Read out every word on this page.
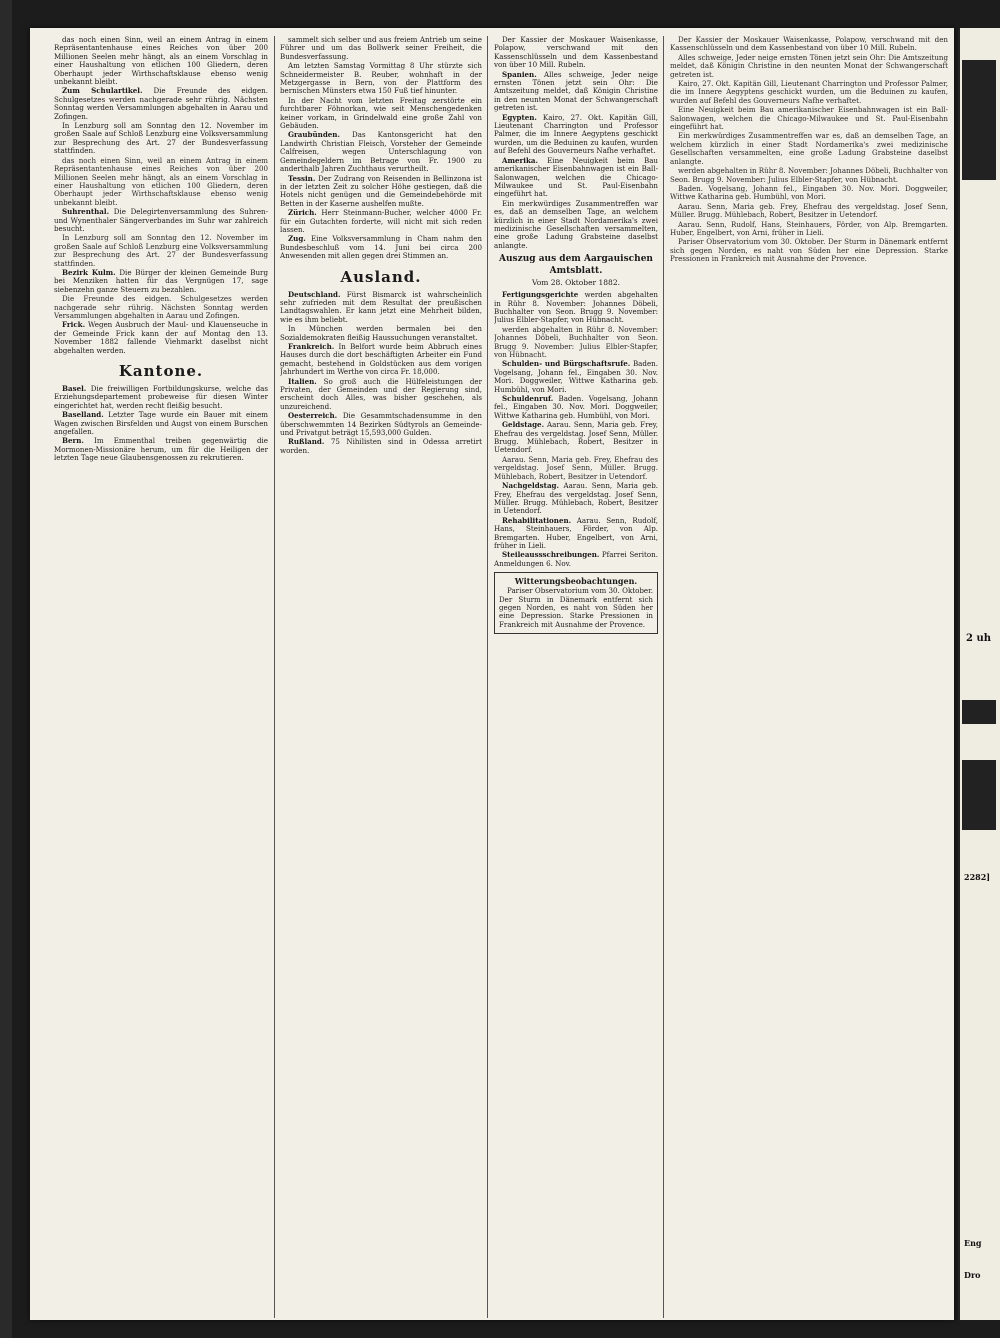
2 uh
2282]
Eng
Dro

das noch einen Sinn, weil an einem Antrag in einem Repräsentantenhause eines Reiches von über 200 Millionen Seelen mehr hängt, als an einem Vorschlag in einer Haushaltung von etlichen 100 Gliedern, deren Oberhaupt jeder Wirthschaftsklause ebenso wenig unbekannt bleibt.

Zum Schulartikel. Die Freunde des eidgen. Schulgesetzes werden nachgerade sehr rührig. Nächsten Sonntag werden Versammlungen abgehalten in Aarau und Zofingen.

In Lenzburg soll am Sonntag den 12. November im großen Saale auf Schloß Lenzburg eine Volksversammlung zur Besprechung des Art. 27 der Bundesverfassung stattfinden.

das noch einen Sinn, weil an einem Antrag in einem Repräsentantenhause eines Reiches von über 200 Millionen Seelen mehr hängt, als an einem Vorschlag in einer Haushaltung von etlichen 100 Gliedern, deren Oberhaupt jeder Wirthschaftsklause ebenso wenig unbekannt bleibt.

Suhrenthal. Die Delegirtenversammlung des Suhren- und Wynenthaler Sängerverbandes im Suhr war zahlreich besucht.

In Lenzburg soll am Sonntag den 12. November im großen Saale auf Schloß Lenzburg eine Volksversammlung zur Besprechung des Art. 27 der Bundesverfassung stattfinden.

Bezirk Kulm. Die Bürger der kleinen Gemeinde Burg bei Menziken hatten für das Vergnügen 17, sage siebenzehn ganze Steuern zu bezahlen.

Die Freunde des eidgen. Schulgesetzes werden nachgerade sehr rührig. Nächsten Sonntag werden Versammlungen abgehalten in Aarau und Zofingen.

Frick. Wegen Ausbruch der Maul- und Klauenseuche in der Gemeinde Frick kann der auf Montag den 13. November 1882 fallende Viehmarkt daselbst nicht abgehalten werden.

Kantone.

Basel. Die freiwilligen Fortbildungskurse, welche das Erziehungsdepartement probeweise für diesen Winter eingerichtet hat, werden recht fleißig besucht.

Baselland. Letzter Tage wurde ein Bauer mit einem Wagen zwischen Birsfelden und Augst von einem Burschen angefallen.

Bern. Im Emmenthal treiben gegenwärtig die Mormonen-Missionäre herum, um für die Heiligen der letzten Tage neue Glaubensgenossen zu rekrutieren.

sammelt sich selber und aus freiem Antrieb um seine Führer und um das Bollwerk seiner Freiheit, die Bundesverfassung.

Am letzten Samstag Vormittag 8 Uhr stürzte sich Schneidermeister B. Reuber, wohnhaft in der Metzgergasse in Bern, von der Plattform des bernischen Münsters etwa 150 Fuß tief hinunter.

In der Nacht vom letzten Freitag zerstörte ein furchtbarer Föhnorkan, wie seit Menschengedenken keiner vorkam, in Grindelwald eine große Zahl von Gebäuden.

Graubünden. Das Kantonsgericht hat den Landwirth Christian Fleisch, Vorsteher der Gemeinde Calfreisen, wegen Unterschlagung von Gemeindegeldern im Betrage von Fr. 1900 zu anderthalb Jahren Zuchthaus verurtheilt.

Tessin. Der Zudrang von Reisenden in Bellinzona ist in der letzten Zeit zu solcher Höhe gestiegen, daß die Hotels nicht genügen und die Gemeindebehörde mit Betten in der Kaserne aushelfen mußte.

Zürich. Herr Steinmann-Bucher, welcher 4000 Fr. für ein Gutachten forderte, will nicht mit sich reden lassen.

Zug. Eine Volksversammlung in Cham nahm den Bundesbeschluß vom 14. Juni bei circa 200 Anwesenden mit allen gegen drei Stimmen an.

Ausland.

Deutschland. Fürst Bismarck ist wahrscheinlich sehr zufrieden mit dem Resultat der preußischen Landtagswahlen. Er kann jetzt eine Mehrheit bilden, wie es ihm beliebt.

In München werden bermalen bei den Sozialdemokraten fleißig Haussuchungen veranstaltet.

Frankreich. In Belfort wurde beim Abbruch eines Hauses durch die dort beschäftigten Arbeiter ein Fund gemacht, bestehend in Goldstücken aus dem vorigen Jahrhundert im Werthe von circa Fr. 18,000.

Italien. So groß auch die Hülfeleistungen der Privaten, der Gemeinden und der Regierung sind, erscheint doch Alles, was bisher geschehen, als unzureichend.

Oesterreich. Die Gesammtschadensumme in den überschwemmten 14 Bezirken Südtyrols an Gemeinde- und Privatgut beträgt 15,593,000 Gulden.

Rußland. 75 Nihilisten sind in Odessa arretirt worden.

Der Kassier der Moskauer Waisenkasse, Polapow, verschwand mit den Kassenschlüsseln und dem Kassenbestand von über 10 Mill. Rubeln.

Spanien. Alles schweige, Jeder neige ernsten Tönen jetzt sein Ohr: Die Amtszeitung meldet, daß Königin Christine in den neunten Monat der Schwangerschaft getreten ist.

Egypten. Kairo, 27. Okt. Kapitän Gill, Lieutenant Charrington und Professor Palmer, die im Innere Aegyptens geschickt wurden, um die Beduinen zu kaufen, wurden auf Befehl des Gouverneurs Nafhe verhaftet.

Amerika. Eine Neuigkeit beim Bau amerikanischer Eisenbahnwagen ist ein Ball-Salonwagen, welchen die Chicago-Milwaukee und St. Paul-Eisenbahn eingeführt hat.

Ein merkwürdiges Zusammentreffen war es, daß an demselben Tage, an welchem kürzlich in einer Stadt Nordamerika's zwei medizinische Gesellschaften versammelten, eine große Ladung Grabsteine daselbst anlangte.

Auszug aus dem Aargauischen Amtsblatt.
Vom 28. Oktober 1882.

Fertigungsgerichte werden abgehalten in Rühr 8. November: Johannes Döbeli, Buchhalter von Seon. Brugg 9. November: Julius Elbler-Stapfer, von Hübnacht.

werden abgehalten in Rühr 8. November: Johannes Döbeli, Buchhalter von Seon. Brugg 9. November: Julius Elbler-Stapfer, von Hübnacht.

Schulden- und Bürgschaftsrufe. Baden. Vogelsang, Johann fel., Eingaben 30. Nov. Mori. Doggweiler, Wittwe Katharina geb. Humbühl, von Mori.

Schuldenruf. Baden. Vogelsang, Johann fel., Eingaben 30. Nov. Mori. Doggweiler, Wittwe Katharina geb. Humbühl, von Mori.

Geldstage. Aarau. Senn, Maria geb. Frey, Ehefrau des vergeldstag. Josef Senn, Müller. Brugg. Mühlebach, Robert, Besitzer in Uetendorf.

Aarau. Senn, Maria geb. Frey, Ehefrau des vergeldstag. Josef Senn, Müller. Brugg. Mühlebach, Robert, Besitzer in Uetendorf.

Nachgeldstag. Aarau. Senn, Maria geb. Frey, Ehefrau des vergeldstag. Josef Senn, Müller. Brugg. Mühlebach, Robert, Besitzer in Uetendorf.

Rehabilitationen. Aarau. Senn, Rudolf, Hans, Steinhauers, Förder, von Alp. Bremgarten. Huber, Engelbert, von Arni, früher in Lieli.

Steileaussschreibungen. Pfarrei Seriton. Anmeldungen 6. Nov.

Witterungsbeobachtungen.

Pariser Observatorium vom 30. Oktober. Der Sturm in Dänemark entfernt sich gegen Norden, es naht von Süden her eine Depression. Starke Pressionen in Frankreich mit Ausnahme der Provence.

Der Kassier der Moskauer Waisenkasse, Polapow, verschwand mit den Kassenschlüsseln und dem Kassenbestand von über 10 Mill. Rubeln.

Alles schweige, Jeder neige ernsten Tönen jetzt sein Ohr: Die Amtszeitung meldet, daß Königin Christine in den neunten Monat der Schwangerschaft getreten ist.

Kairo, 27. Okt. Kapitän Gill, Lieutenant Charrington und Professor Palmer, die im Innere Aegyptens geschickt wurden, um die Beduinen zu kaufen, wurden auf Befehl des Gouverneurs Nafhe verhaftet.

Eine Neuigkeit beim Bau amerikanischer Eisenbahnwagen ist ein Ball-Salonwagen, welchen die Chicago-Milwaukee und St. Paul-Eisenbahn eingeführt hat.

Ein merkwürdiges Zusammentreffen war es, daß an demselben Tage, an welchem kürzlich in einer Stadt Nordamerika's zwei medizinische Gesellschaften versammelten, eine große Ladung Grabsteine daselbst anlangte.

werden abgehalten in Rühr 8. November: Johannes Döbeli, Buchhalter von Seon. Brugg 9. November: Julius Elbler-Stapfer, von Hübnacht.

Baden. Vogelsang, Johann fel., Eingaben 30. Nov. Mori. Doggweiler, Wittwe Katharina geb. Humbühl, von Mori.

Aarau. Senn, Maria geb. Frey, Ehefrau des vergeldstag. Josef Senn, Müller. Brugg. Mühlebach, Robert, Besitzer in Uetendorf.

Aarau. Senn, Rudolf, Hans, Steinhauers, Förder, von Alp. Bremgarten. Huber, Engelbert, von Arni, früher in Lieli.

Pariser Observatorium vom 30. Oktober. Der Sturm in Dänemark entfernt sich gegen Norden, es naht von Süden her eine Depression. Starke Pressionen in Frankreich mit Ausnahme der Provence.
